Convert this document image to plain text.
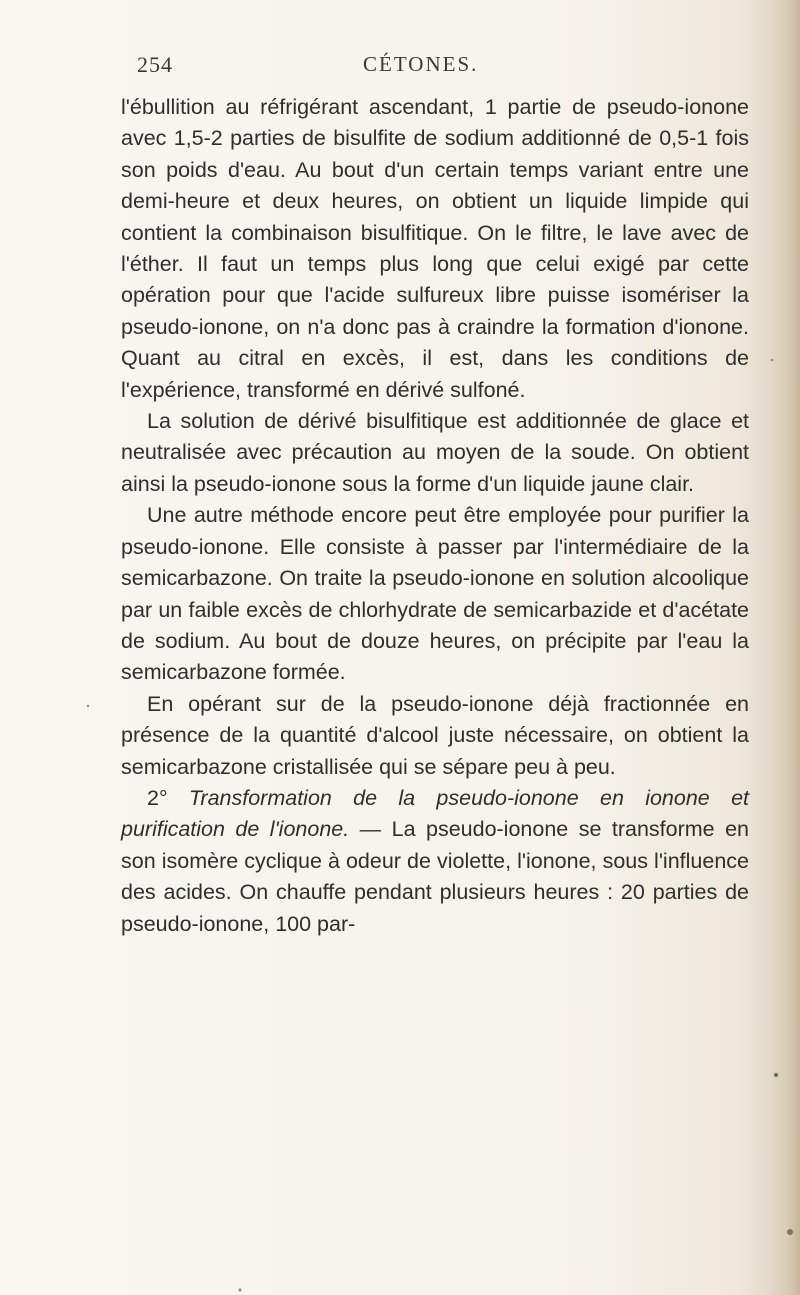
254	CÉTONES.

l'ébullition au réfrigérant ascendant, 1 partie de pseudo-ionone avec 1,5-2 parties de bisulfite de sodium additionné de 0,5-1 fois son poids d'eau. Au bout d'un certain temps variant entre une demi-heure et deux heures, on obtient un liquide limpide qui contient la combinaison bisulfitique. On le filtre, le lave avec de l'éther. Il faut un temps plus long que celui exigé par cette opération pour que l'acide sulfureux libre puisse isomériser la pseudo-ionone, on n'a donc pas à craindre la formation d'ionone. Quant au citral en excès, il est, dans les conditions de l'expérience, transformé en dérivé sulfoné.

La solution de dérivé bisulfitique est additionnée de glace et neutralisée avec précaution au moyen de la soude. On obtient ainsi la pseudo-ionone sous la forme d'un liquide jaune clair.

Une autre méthode encore peut être employée pour purifier la pseudo-ionone. Elle consiste à passer par l'intermédiaire de la semicarbazone. On traite la pseudo-ionone en solution alcoolique par un faible excès de chlorhydrate de semicarbazide et d'acétate de sodium. Au bout de douze heures, on précipite par l'eau la semicarbazone formée.

En opérant sur de la pseudo-ionone déjà fractionnée en présence de la quantité d'alcool juste nécessaire, on obtient la semicarbazone cristallisée qui se sépare peu à peu.

2° Transformation de la pseudo-ionone en ionone et purification de l'ionone. — La pseudo-ionone se transforme en son isomère cyclique à odeur de violette, l'ionone, sous l'influence des acides. On chauffe pendant plusieurs heures : 20 parties de pseudo-ionone, 100 par-
